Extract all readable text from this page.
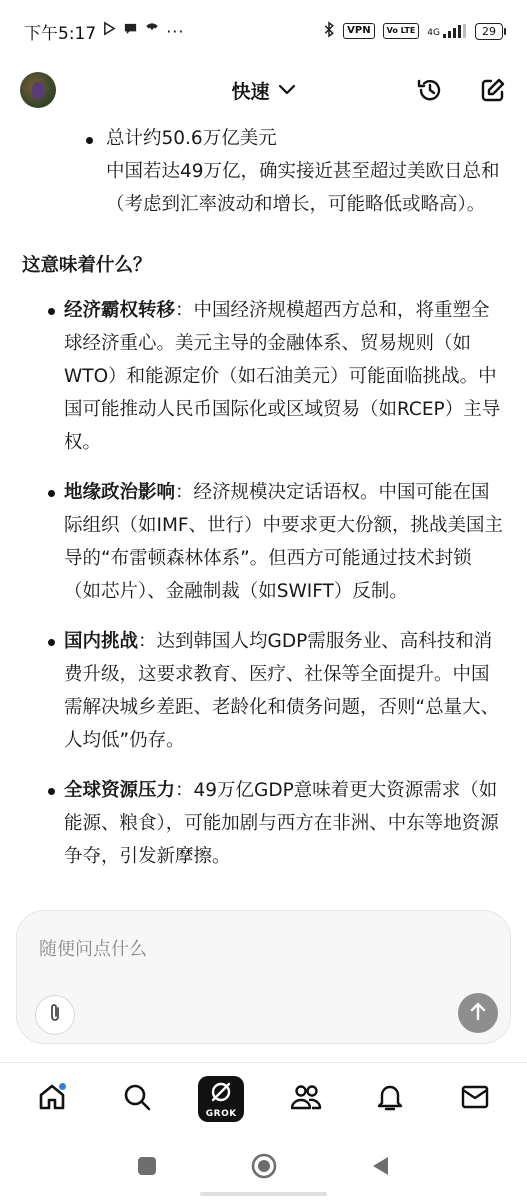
下午5:17	···	VPN	Vo LTE	4G	29
快速
总计约50.6万亿美元
中国若达49万亿，确实接近甚至超过美欧日总和（考虑到汇率波动和增长，可能略低或略高）。
这意味着什么？
经济霸权转移：中国经济规模超西方总和，将重塑全球经济重心。美元主导的金融体系、贸易规则（如WTO）和能源定价（如石油美元）可能面临挑战。中国可能推动人民币国际化或区域贸易（如RCEP）主导权。
地缘政治影响：经济规模决定话语权。中国可能在国际组织（如IMF、世行）中要求更大份额，挑战美国主导的“布雷顿森林体系”。但西方可能通过技术封锁（如芯片）、金融制裁（如SWIFT）反制。
国内挑战：达到韩国人均GDP需服务业、高科技和消费升级，这要求教育、医疗、社保等全面提升。中国需解决城乡差距、老龄化和债务问题，否则“总量大、人均低”仍存。
全球资源压力：49万亿GDP意味着更大资源需求（如能源、粮食），可能加剧与西方在非洲、中东等地资源争夺，引发新摩擦。
随便问点什么
GROK
